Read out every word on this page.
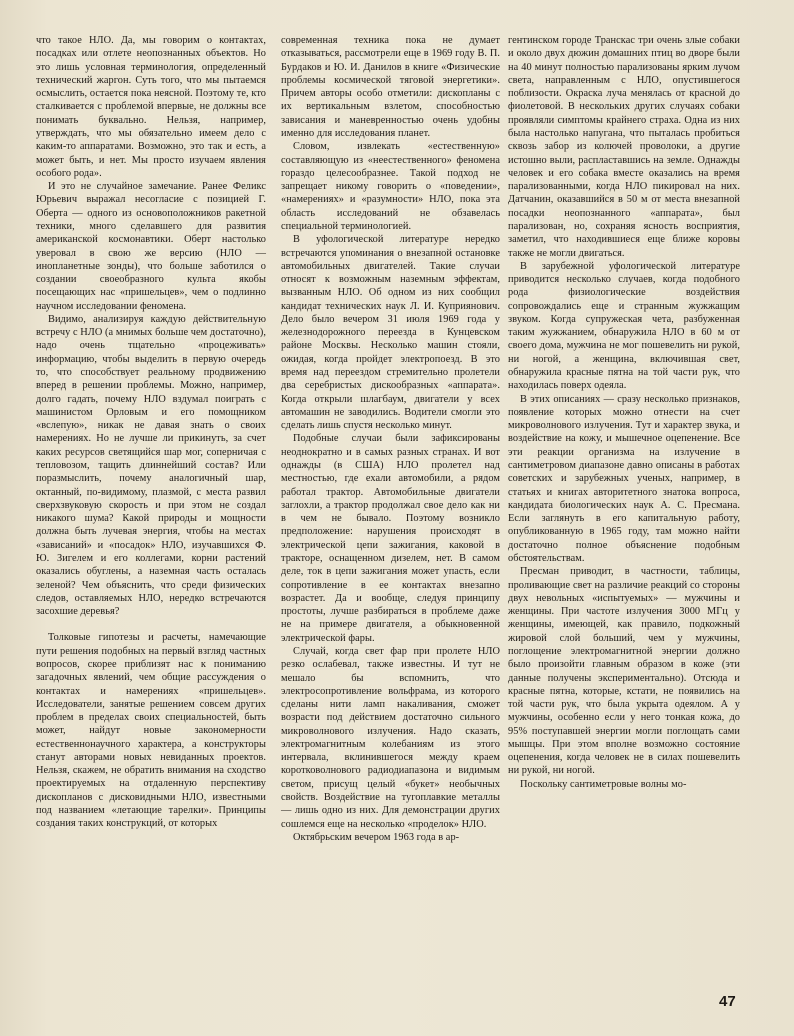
что такое НЛО. Да, мы говорим о контактах, посадках или отлете неопознанных объектов. Но это лишь условная терминология, определенный технический жаргон. Суть того, что мы пытаемся осмыслить, остается пока неясной. Поэтому те, кто сталкивается с проблемой впервые, не должны все понимать буквально. Нельзя, например, утверждать, что мы обязательно имеем дело с каким-то аппаратами. Возможно, это так и есть, а может быть, и нет. Мы просто изучаем явления особого рода».

И это не случайное замечание. Ранее Феликс Юрьевич выражал несогласие с позицией Г. Оберта — одного из основоположников ракетной техники, много сделавшего для развития американской космонавтики. Оберт настолько уверовал в свою же версию (НЛО — инопланетные зонды), что больше заботился о создании своеобразного культа якобы посещающих нас «пришельцев», чем о подлинно научном исследовании феномена.

Видимо, анализируя каждую действительную встречу с НЛО (а мнимых больше чем достаточно), надо очень тщательно «процеживать» информацию, чтобы выделить в первую очередь то, что способствует реальному продвижению вперед в решении проблемы. Можно, например, долго гадать, почему НЛО вздумал поиграть с машинистом Орловым и его помощником «вслепую», никак не давая знать о своих намерениях. Но не лучше ли прикинуть, за счет каких ресурсов светящийся шар мог, соперничая с тепловозом, тащить длиннейший состав? Или поразмыслить, почему аналогичный шар, октанный, по-видимому, плазмой, с места развил сверхзвуковую скорость и при этом не создал никакого шума? Какой природы и мощности должна быть лучевая энергия, чтобы на местах «зависаний» и «посадок» НЛО, изучавшихся Ф. Ю. Зигелем и его коллегами, корни растений оказались обуглены, а наземная часть осталась зеленой? Чем объяснить, что среди физических следов, оставляемых НЛО, нередко встречаются засохшие деревья?

Толковые гипотезы и расчеты, намечающие пути решения подобных на первый взгляд частных вопросов, скорее приблизят нас к пониманию загадочных явлений, чем общие рассуждения о контактах и намерениях «пришельцев». Исследователи, занятые решением совсем других проблем в пределах своих специальностей, быть может, найдут новые закономерности естественнонаучного характера, а конструкторы станут авторами новых невиданных проектов. Нельзя, скажем, не обратить внимания на сходство проектируемых на отдаленную перспективу дископланов с дисковидными НЛО, известными под названием «летающие тарелки». Принципы создания таких конструкций, от которых

современная техника пока не думает отказываться, рассмотрели еще в 1969 году В. П. Бурдаков и Ю. И. Данилов в книге «Физические проблемы космической тяговой энергетики». Причем авторы особо отметили: дископланы с их вертикальным взлетом, способностью зависания и маневренностью очень удобны именно для исследования планет.

Словом, извлекать «естественную» составляющую из «неестественного» феномена гораздо целесообразнее. Такой подход не запрещает никому говорить о «поведении», «намерениях» и «разумности» НЛО, пока эта область исследований не обзавелась специальной терминологией.

В уфологической литературе нередко встречаются упоминания о внезапной остановке автомобильных двигателей. Такие случаи относят к возможным наземным эффектам, вызванным НЛО. Об одном из них сообщил кандидат технических наук Л. И. Куприянович. Дело было вечером 31 июля 1969 года у железнодорожного переезда в Кунцевском районе Москвы. Несколько машин стояли, ожидая, когда пройдет электропоезд. В это время над переездом стремительно пролетели два серебристых дискообразных «аппарата». Когда открыли шлагбаум, двигатели у всех автомашин не заводились. Водители смогли это сделать лишь спустя несколько минут.

Подобные случаи были зафиксированы неоднократно и в самых разных странах. И вот однажды (в США) НЛО пролетел над местностью, где ехали автомобили, а рядом работал трактор. Автомобильные двигатели заглохли, а трактор продолжал свое дело как ни в чем не бывало. Поэтому возникло предположение: нарушения происходят в электрической цепи зажигания, каковой в тракторе, оснащенном дизелем, нет. В самом деле, ток в цепи зажигания может упасть, если сопротивление в ее контактах внезапно возрастет. Да и вообще, следуя принципу простоты, лучше разбираться в проблеме даже не на примере двигателя, а обыкновенной электрической фары.

Случай, когда свет фар при пролете НЛО резко ослабевал, также известны. И тут не мешало бы вспомнить, что электросопротивление вольфрама, из которого сделаны нити ламп накаливания, сможет возрасти под действием достаточно сильного микроволнового излучения. Надо сказать, электромагнитным колебаниям из этого интервала, вклинившегося между краем коротковолнового радиодиапазона и видимым светом, присущ целый «букет» необычных свойств. Воздействие на тугоплавкие металлы — лишь одно из них. Для демонстрации других сошлемся еще на несколько «проделок» НЛО.

Октябрьским вечером 1963 года в ар-

гентинском городе Транскас три очень злые собаки и около двух дюжин домашних птиц во дворе были на 40 минут полностью парализованы ярким лучом света, направленным с НЛО, опустившегося поблизости. Окраска луча менялась от красной до фиолетовой. В нескольких других случаях собаки проявляли симптомы крайнего страха. Одна из них была настолько напугана, что пыталась пробиться сквозь забор из колючей проволоки, а другие истошно выли, распластавшись на земле. Однажды человек и его собака вместе оказались на время парализованными, когда НЛО пикировал на них. Датчанин, оказавшийся в 50 м от места внезапной посадки неопознанного «аппарата», был парализован, но, сохраняя ясность восприятия, заметил, что находившиеся еще ближе коровы также не могли двигаться.

В зарубежной уфологической литературе приводится несколько случаев, когда подобного рода физиологические воздействия сопровождались еще и странным жужжащим звуком. Когда супружеская чета, разбуженная таким жужжанием, обнаружила НЛО в 60 м от своего дома, мужчина не мог пошевелить ни рукой, ни ногой, а женщина, включившая свет, обнаружила красные пятна на той части рук, что находилась поверх одеяла.

В этих описаниях — сразу несколько признаков, появление которых можно отнести на счет микроволнового излучения. Тут и характер звука, и воздействие на кожу, и мышечное оцепенение. Все эти реакции организма на излучение в сантиметровом диапазоне давно описаны в работах советских и зарубежных ученых, например, в статьях и книгах авторитетного знатока вопроса, кандидата биологических наук А. С. Пресмана. Если заглянуть в его капитальную работу, опубликованную в 1965 году, там можно найти достаточно полное объяснение подобным обстоятельствам.

Пресман приводит, в частности, таблицы, проливающие свет на различие реакций со стороны двух невольных «испытуемых» — мужчины и женщины. При частоте излучения 3000 МГц у женщины, имеющей, как правило, подкожный жировой слой больший, чем у мужчины, поглощение электромагнитной энергии должно было произойти главным образом в коже (эти данные получены экспериментально). Отсюда и красные пятна, которые, кстати, не появились на той части рук, что была укрыта одеялом. А у мужчины, особенно если у него тонкая кожа, до 95% поступавшей энергии могли поглощать сами мышцы. При этом вполне возможно состояние оцепенения, когда человек не в силах пошевелить ни рукой, ни ногой.

Поскольку сантиметровые волны мо-

47
